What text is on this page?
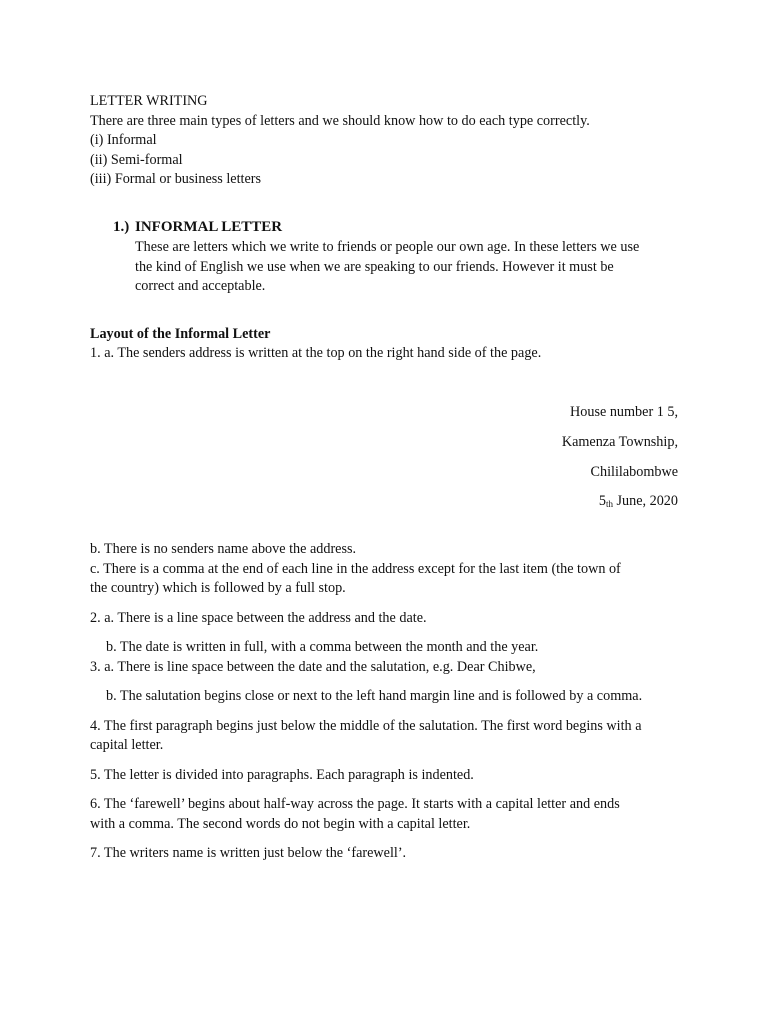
LETTER WRITING
There are three main types of letters and we should know how to do each type correctly.
(i) Informal
(ii) Semi-formal
(iii) Formal or business letters
1.) INFORMAL LETTER
These are letters which we write to friends or people our own age. In these letters we use
the kind of English we use when we are speaking to our friends. However it must be
correct and acceptable.
Layout of the Informal Letter
1. a. The senders address is written at the top on the right hand side of the page.
House number 1 5,
Kamenza Township,
Chililabombwe
$5_{th}$ June, 2020
b. There is no senders name above the address.
c. There is a comma at the end of each line in the address except for the last item (the town of
the country) which is followed by a full stop.
2. a. There is a line space between the address and the date.
b. The date is written in full, with a comma between the month and the year.
3. a. There is line space between the date and the salutation, e.g. Dear Chibwe,
b. The salutation begins close or next to the left hand margin line and is followed by a comma.
4. The first paragraph begins just below the middle of the salutation. The first word begins with a
capital letter.
5. The letter is divided into paragraphs. Each paragraph is indented.
6. The ‘farewell’ begins about half-way across the page. It starts with a capital letter and ends
with a comma. The second words do not begin with a capital letter.
7. The writers name is written just below the ‘farewell’.
